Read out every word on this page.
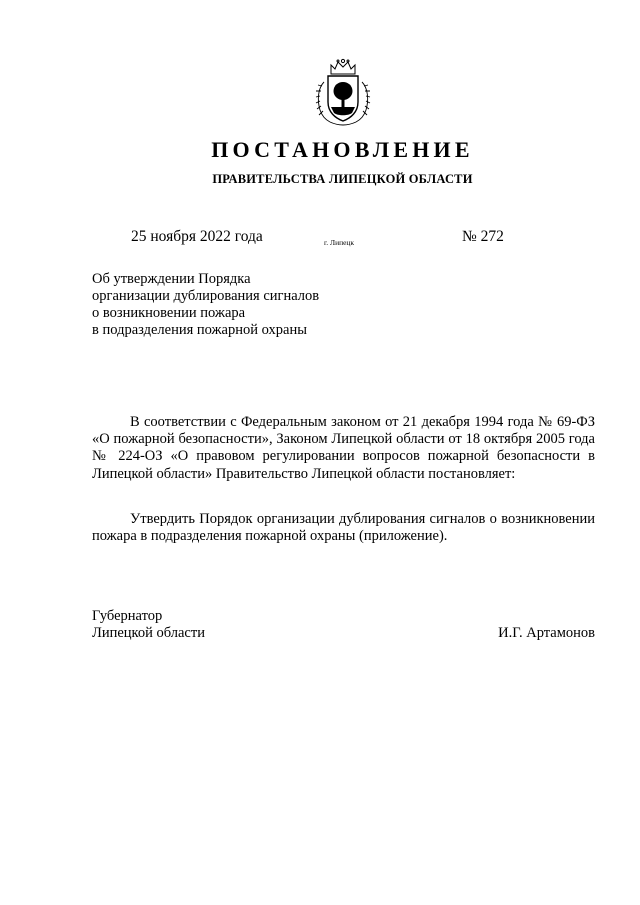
ПОСТАНОВЛЕНИЕ
ПРАВИТЕЛЬСТВА ЛИПЕЦКОЙ ОБЛАСТИ
25 ноября 2022 года	г. Липецк	№ 272
Об утверждении Порядка
организации дублирования сигналов
о возникновении пожара
в подразделения пожарной охраны

В соответствии с Федеральным законом от 21 декабря 1994 года № 69-ФЗ «О пожарной безопасности», Законом Липецкой области от 18 октября 2005 года № 224-ОЗ «О правовом регулировании вопросов пожарной безопасности в Липецкой области» Правительство Липецкой области постановляет:

Утвердить Порядок организации дублирования сигналов о возникновении пожара в подразделения пожарной охраны (приложение).

Губернатор
Липецкой области	И.Г. Артамонов
